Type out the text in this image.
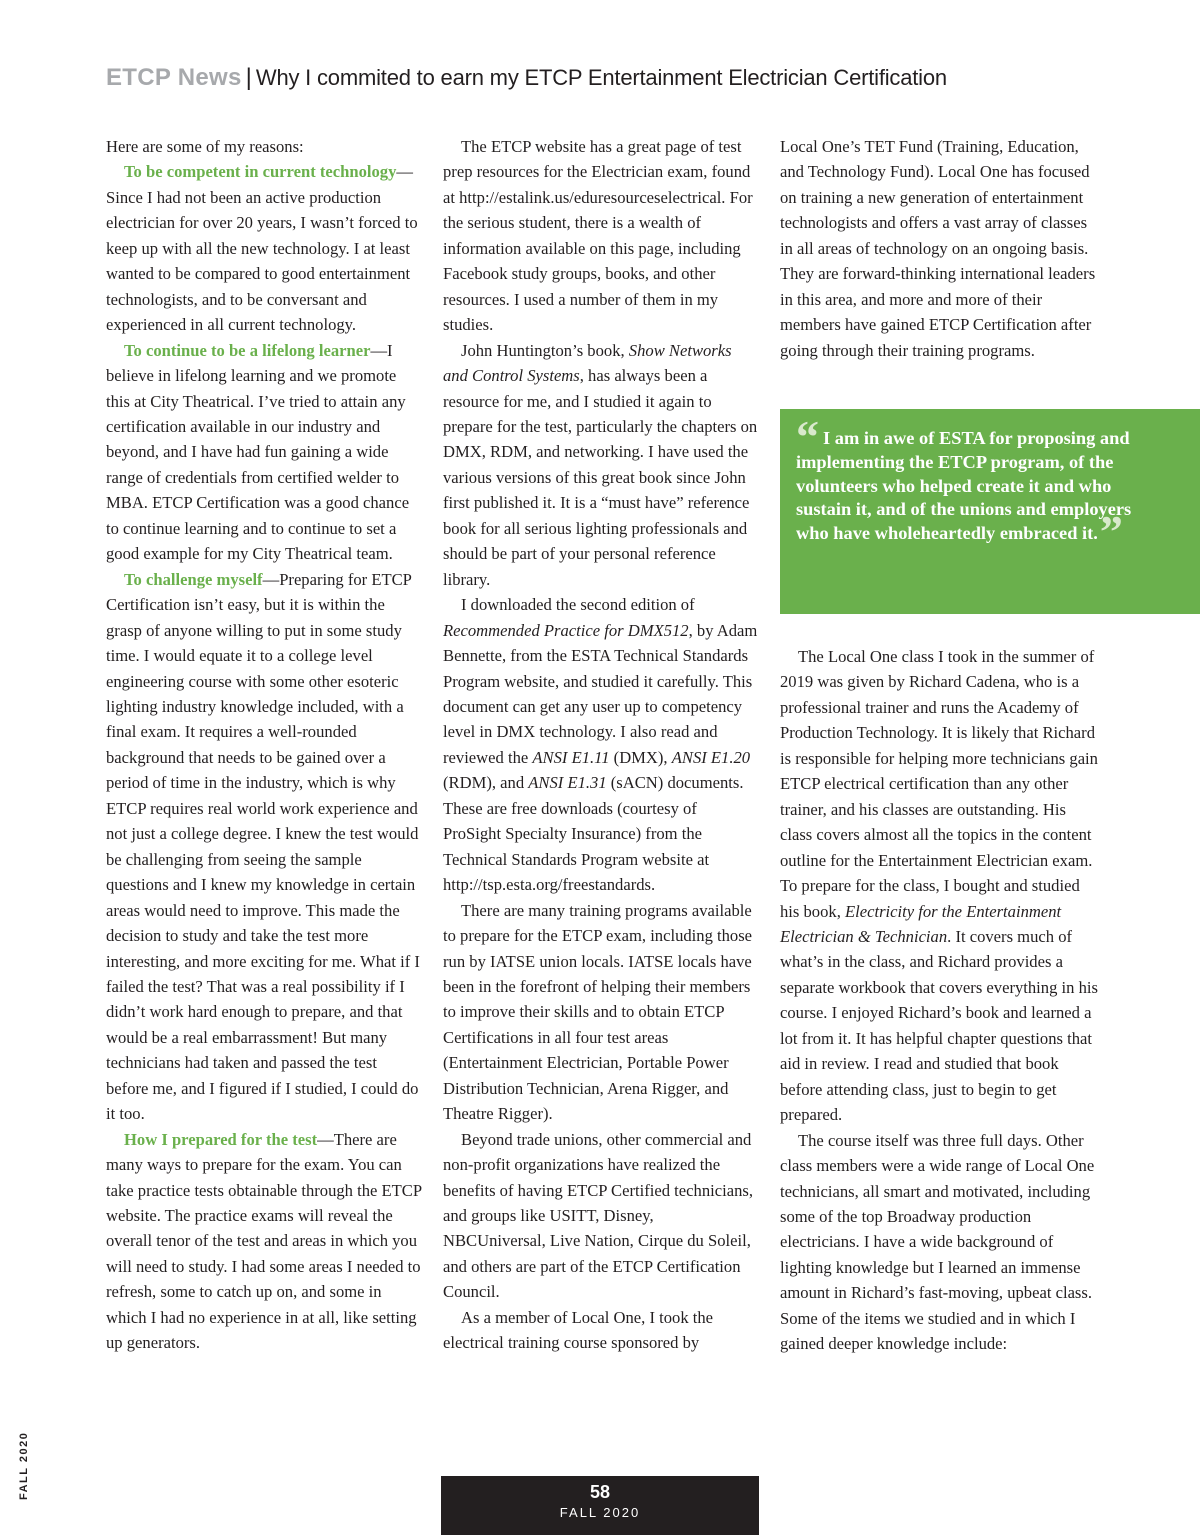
ETCP News | Why I commited to earn my ETCP Entertainment Electrician Certification

Here are some of my reasons:

To be competent in current technology—Since I had not been an active production electrician for over 20 years, I wasn’t forced to keep up with all the new technology. I at least wanted to be compared to good entertainment technologists, and to be conversant and experienced in all current technology.

To continue to be a lifelong learner—I believe in lifelong learning and we promote this at City Theatrical. I’ve tried to attain any certification available in our industry and beyond, and I have had fun gaining a wide range of credentials from certified welder to MBA. ETCP Certification was a good chance to continue learning and to continue to set a good example for my City Theatrical team.

To challenge myself—Preparing for ETCP Certification isn’t easy, but it is within the grasp of anyone willing to put in some study time. I would equate it to a college level engineering course with some other esoteric lighting industry knowledge included, with a final exam. It requires a well-rounded background that needs to be gained over a period of time in the industry, which is why ETCP requires real world work experience and not just a college degree. I knew the test would be challenging from seeing the sample questions and I knew my knowledge in certain areas would need to improve. This made the decision to study and take the test more interesting, and more exciting for me. What if I failed the test? That was a real possibility if I didn’t work hard enough to prepare, and that would be a real embarrassment! But many technicians had taken and passed the test before me, and I figured if I studied, I could do it too.

How I prepared for the test—There are many ways to prepare for the exam. You can take practice tests obtainable through the ETCP website. The practice exams will reveal the overall tenor of the test and areas in which you will need to study. I had some areas I needed to refresh, some to catch up on, and some in which I had no experience in at all, like setting up generators.

The ETCP website has a great page of test prep resources for the Electrician exam, found at http://estalink.us/eduresourceselectrical. For the serious student, there is a wealth of information available on this page, including Facebook study groups, books, and other resources. I used a number of them in my studies.

John Huntington’s book, Show Networks and Control Systems, has always been a resource for me, and I studied it again to prepare for the test, particularly the chapters on DMX, RDM, and networking. I have used the various versions of this great book since John first published it. It is a “must have” reference book for all serious lighting professionals and should be part of your personal reference library.

I downloaded the second edition of Recommended Practice for DMX512, by Adam Bennette, from the ESTA Technical Standards Program website, and studied it carefully. This document can get any user up to competency level in DMX technology. I also read and reviewed the ANSI E1.11 (DMX), ANSI E1.20 (RDM), and ANSI E1.31 (sACN) documents. These are free downloads (courtesy of ProSight Specialty Insurance) from the Technical Standards Program website at http://tsp.esta.org/freestandards.

There are many training programs available to prepare for the ETCP exam, including those run by IATSE union locals. IATSE locals have been in the forefront of helping their members to improve their skills and to obtain ETCP Certifications in all four test areas (Entertainment Electrician, Portable Power Distribution Technician, Arena Rigger, and Theatre Rigger).

Beyond trade unions, other commercial and non-profit organizations have realized the benefits of having ETCP Certified technicians, and groups like USITT, Disney, NBCUniversal, Live Nation, Cirque du Soleil, and others are part of the ETCP Certification Council.

As a member of Local One, I took the electrical training course sponsored by

Local One’s TET Fund (Training, Education, and Technology Fund). Local One has focused on training a new generation of entertainment technologists and offers a vast array of classes in all areas of technology on an ongoing basis. They are forward-thinking international leaders in this area, and more and more of their members have gained ETCP Certification after going through their training programs.

“ I am in awe of ESTA for proposing and implementing the ETCP program, of the volunteers who helped create it and who sustain it, and of the unions and employers who have wholeheartedly embraced it.”

The Local One class I took in the summer of 2019 was given by Richard Cadena, who is a professional trainer and runs the Academy of Production Technology. It is likely that Richard is responsible for helping more technicians gain ETCP electrical certification than any other trainer, and his classes are outstanding. His class covers almost all the topics in the content outline for the Entertainment Electrician exam. To prepare for the class, I bought and studied his book, Electricity for the Entertainment Electrician & Technician. It covers much of what’s in the class, and Richard provides a separate workbook that covers everything in his course. I enjoyed Richard’s book and learned a lot from it. It has helpful chapter questions that aid in review. I read and studied that book before attending class, just to begin to get prepared.

The course itself was three full days. Other class members were a wide range of Local One technicians, all smart and motivated, including some of the top Broadway production electricians. I have a wide background of lighting knowledge but I learned an immense amount in Richard’s fast-moving, upbeat class. Some of the items we studied and in which I gained deeper knowledge include:

FALL 2020	58
FALL 2020
